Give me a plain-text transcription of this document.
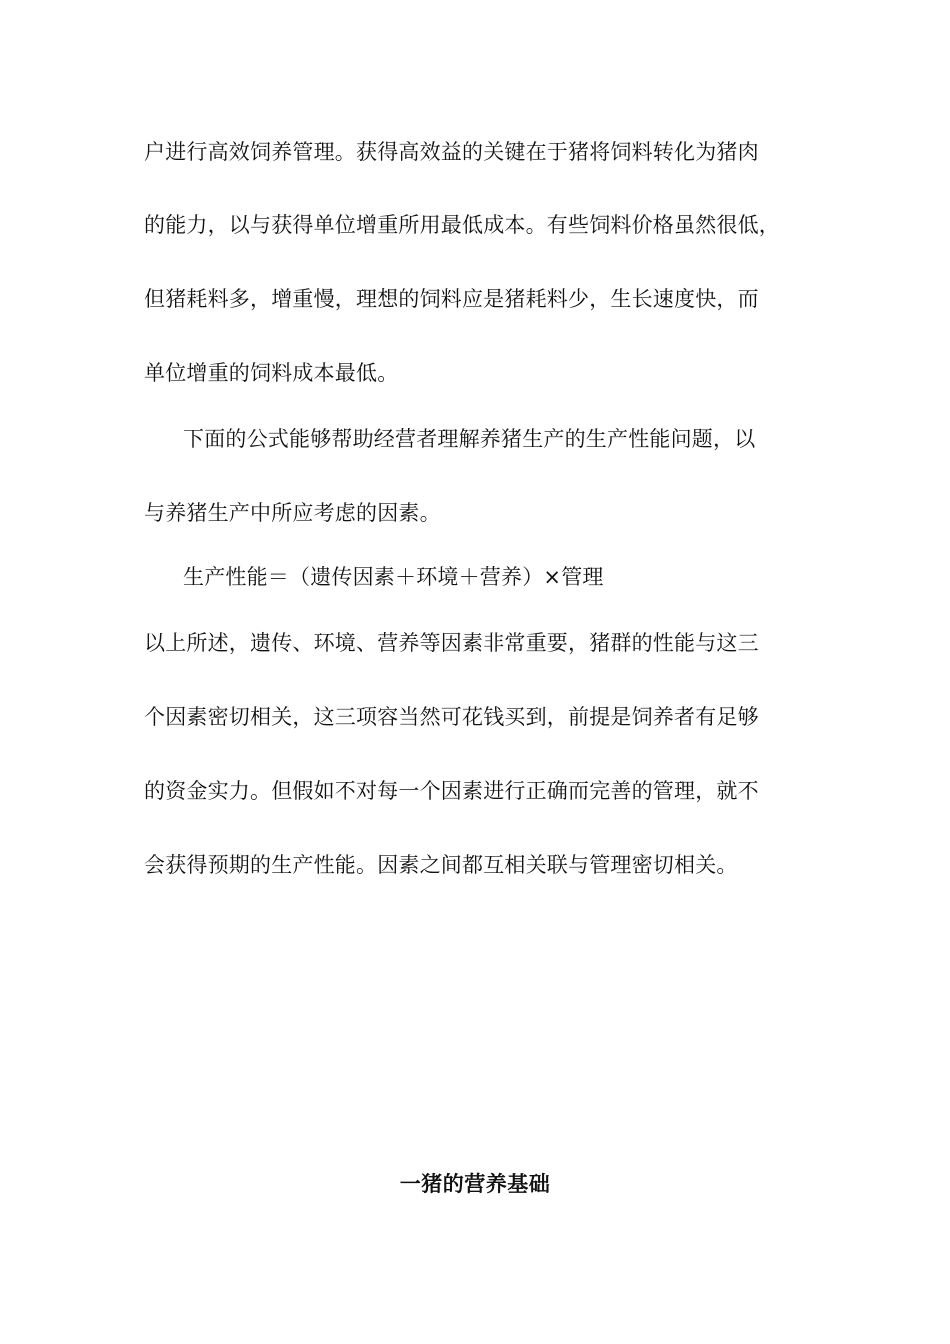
户进行高效饲养管理。获得高效益的关键在于猪将饲料转化为猪肉
的能力，以与获得单位增重所用最低成本。有些饲料价格虽然很低，
但猪耗料多，增重慢，理想的饲料应是猪耗料少，生长速度快，而
单位增重的饲料成本最低。
下面的公式能够帮助经营者理解养猪生产的生产性能问题，以
与养猪生产中所应考虑的因素。
生产性能＝（遗传因素＋环境＋营养）×管理
以上所述，遗传、环境、营养等因素非常重要，猪群的性能与这三
个因素密切相关，这三项容当然可花钱买到，前提是饲养者有足够
的资金实力。但假如不对每一个因素进行正确而完善的管理，就不
会获得预期的生产性能。因素之间都互相关联与管理密切相关。
一猪的营养基础
